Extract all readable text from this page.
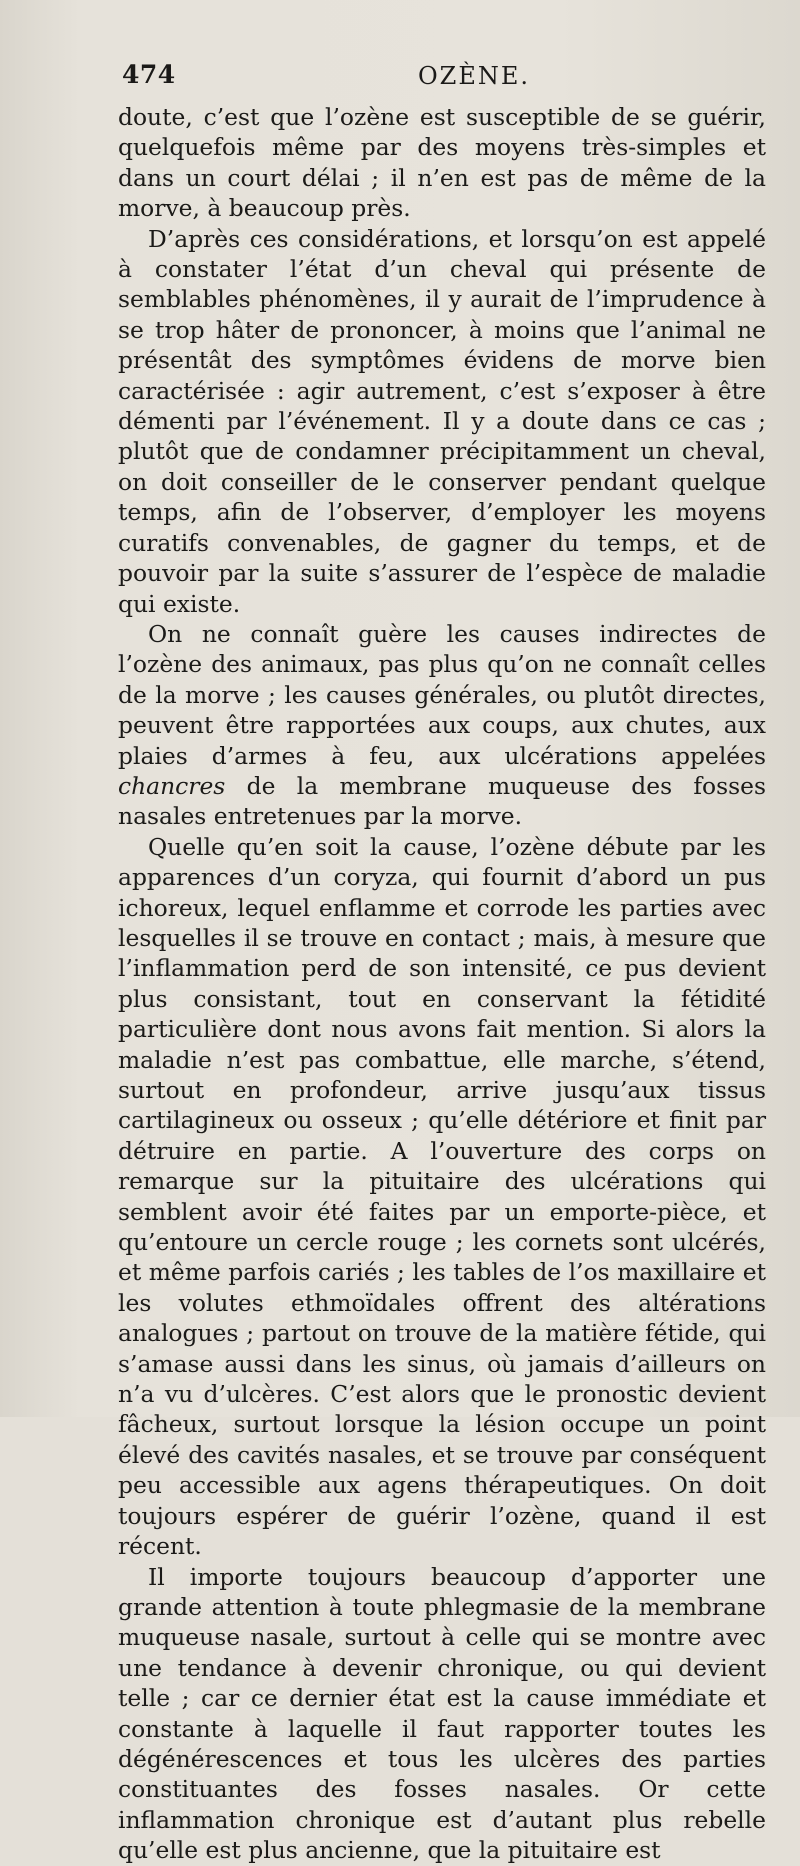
474	OZÈNE.

doute, c’est que l’ozène est susceptible de se guérir, quelquefois même par des moyens très-simples et dans un court délai ; il n’en est pas de même de la morve, à beaucoup près.

D’après ces considérations, et lorsqu’on est appelé à constater l’état d’un cheval qui présente de semblables phénomènes, il y aurait de l’imprudence à se trop hâter de prononcer, à moins que l’animal ne présentât des symptômes évidens de morve bien caractérisée : agir autrement, c’est s’exposer à être démenti par l’événement. Il y a doute dans ce cas ; plutôt que de condamner précipitamment un cheval, on doit conseiller de le conserver pendant quelque temps, afin de l’observer, d’employer les moyens curatifs convenables, de gagner du temps, et de pouvoir par la suite s’assurer de l’espèce de maladie qui existe.

On ne connaît guère les causes indirectes de l’ozène des animaux, pas plus qu’on ne connaît celles de la morve ; les causes générales, ou plutôt directes, peuvent être rapportées aux coups, aux chutes, aux plaies d’armes à feu, aux ulcérations appelées chancres de la membrane muqueuse des fosses nasales entretenues par la morve.

Quelle qu’en soit la cause, l’ozène débute par les apparences d’un coryza, qui fournit d’abord un pus ichoreux, lequel enflamme et corrode les parties avec lesquelles il se trouve en contact ; mais, à mesure que l’inflammation perd de son intensité, ce pus devient plus consistant, tout en conservant la fétidité particulière dont nous avons fait mention. Si alors la maladie n’est pas combattue, elle marche, s’étend, surtout en profondeur, arrive jusqu’aux tissus cartilagineux ou osseux ; qu’elle détériore et finit par détruire en partie. A l’ouverture des corps on remarque sur la pituitaire des ulcérations qui semblent avoir été faites par un emporte-pièce, et qu’entoure un cercle rouge ; les cornets sont ulcérés, et même parfois cariés ; les tables de l’os maxillaire et les volutes ethmoïdales offrent des altérations analogues ; partout on trouve de la matière fétide, qui s’amase aussi dans les sinus, où jamais d’ailleurs on n’a vu d’ulcères. C’est alors que le pronostic devient fâcheux, surtout lorsque la lésion occupe un point élevé des cavités nasales, et se trouve par conséquent peu accessible aux agens thérapeutiques. On doit toujours espérer de guérir l’ozène, quand il est récent.

Il importe toujours beaucoup d’apporter une grande attention à toute phlegmasie de la membrane muqueuse nasale, surtout à celle qui se montre avec une tendance à devenir chronique, ou qui devient telle ; car ce dernier état est la cause immédiate et constante à laquelle il faut rapporter toutes les dégénérescences et tous les ulcères des parties constituantes des fosses nasales. Or cette inflammation chronique est d’autant plus rebelle qu’elle est plus ancienne, que la pituitaire est
